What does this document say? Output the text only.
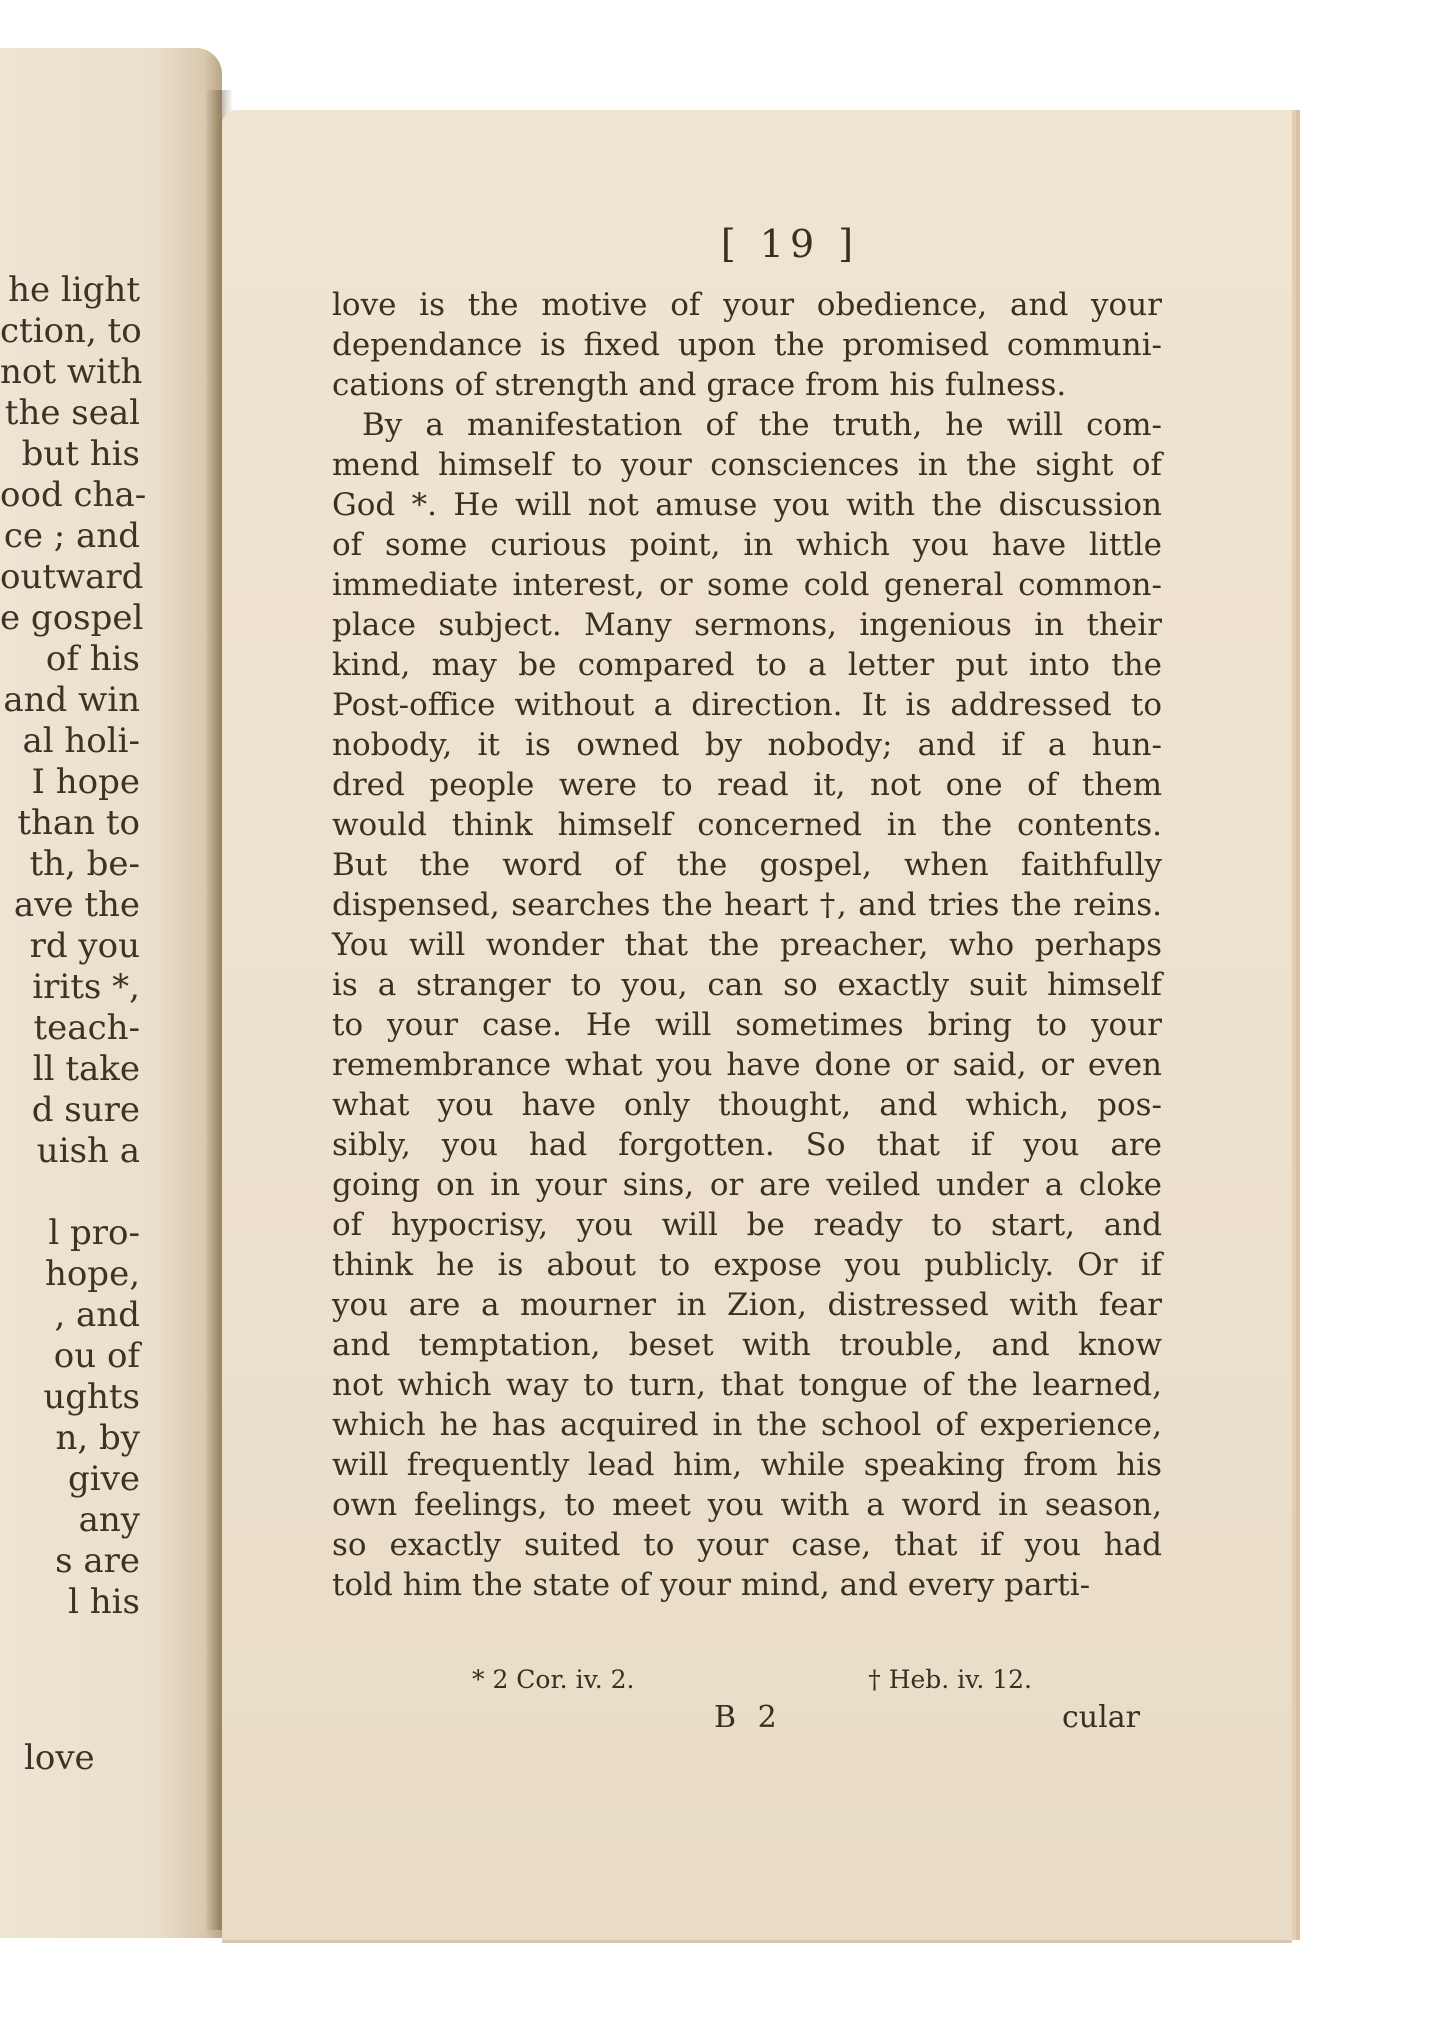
he light
ction, to
not with
the seal
but his
ood cha-
ce ; and
outward
e gospel
of his
and win
al holi-
I hope
than to
th, be-
ave the
rd you
irits *,
teach-
ll take
d sure
uish a
l pro-
hope,
, and
ou of
ughts
n, by
give
any
s are
l his
love
[ 19 ]
love is the motive of your obedience, and your
dependance is fixed upon the promised communi-
cations of strength and grace from his fulness.
By a manifestation of the truth, he will com-
mend himself to your consciences in the sight of
God *. He will not amuse you with the discussion
of some curious point, in which you have little
immediate interest, or some cold general common-
place subject. Many sermons, ingenious in their
kind, may be compared to a letter put into the
Post-office without a direction. It is addressed to
nobody, it is owned by nobody; and if a hun-
dred people were to read it, not one of them
would think himself concerned in the contents.
But the word of the gospel, when faithfully
dispensed, searches the heart †, and tries the reins.
You will wonder that the preacher, who perhaps
is a stranger to you, can so exactly suit himself
to your case. He will sometimes bring to your
remembrance what you have done or said, or even
what you have only thought, and which, pos-
sibly, you had forgotten. So that if you are
going on in your sins, or are veiled under a cloke
of hypocrisy, you will be ready to start, and
think he is about to expose you publicly. Or if
you are a mourner in Zion, distressed with fear
and temptation, beset with trouble, and know
not which way to turn, that tongue of the learned,
which he has acquired in the school of experience,
will frequently lead him, while speaking from his
own feelings, to meet you with a word in season,
so exactly suited to your case, that if you had
told him the state of your mind, and every parti-
* 2 Cor. iv. 2.	† Heb. iv. 12.
B 2	cular
